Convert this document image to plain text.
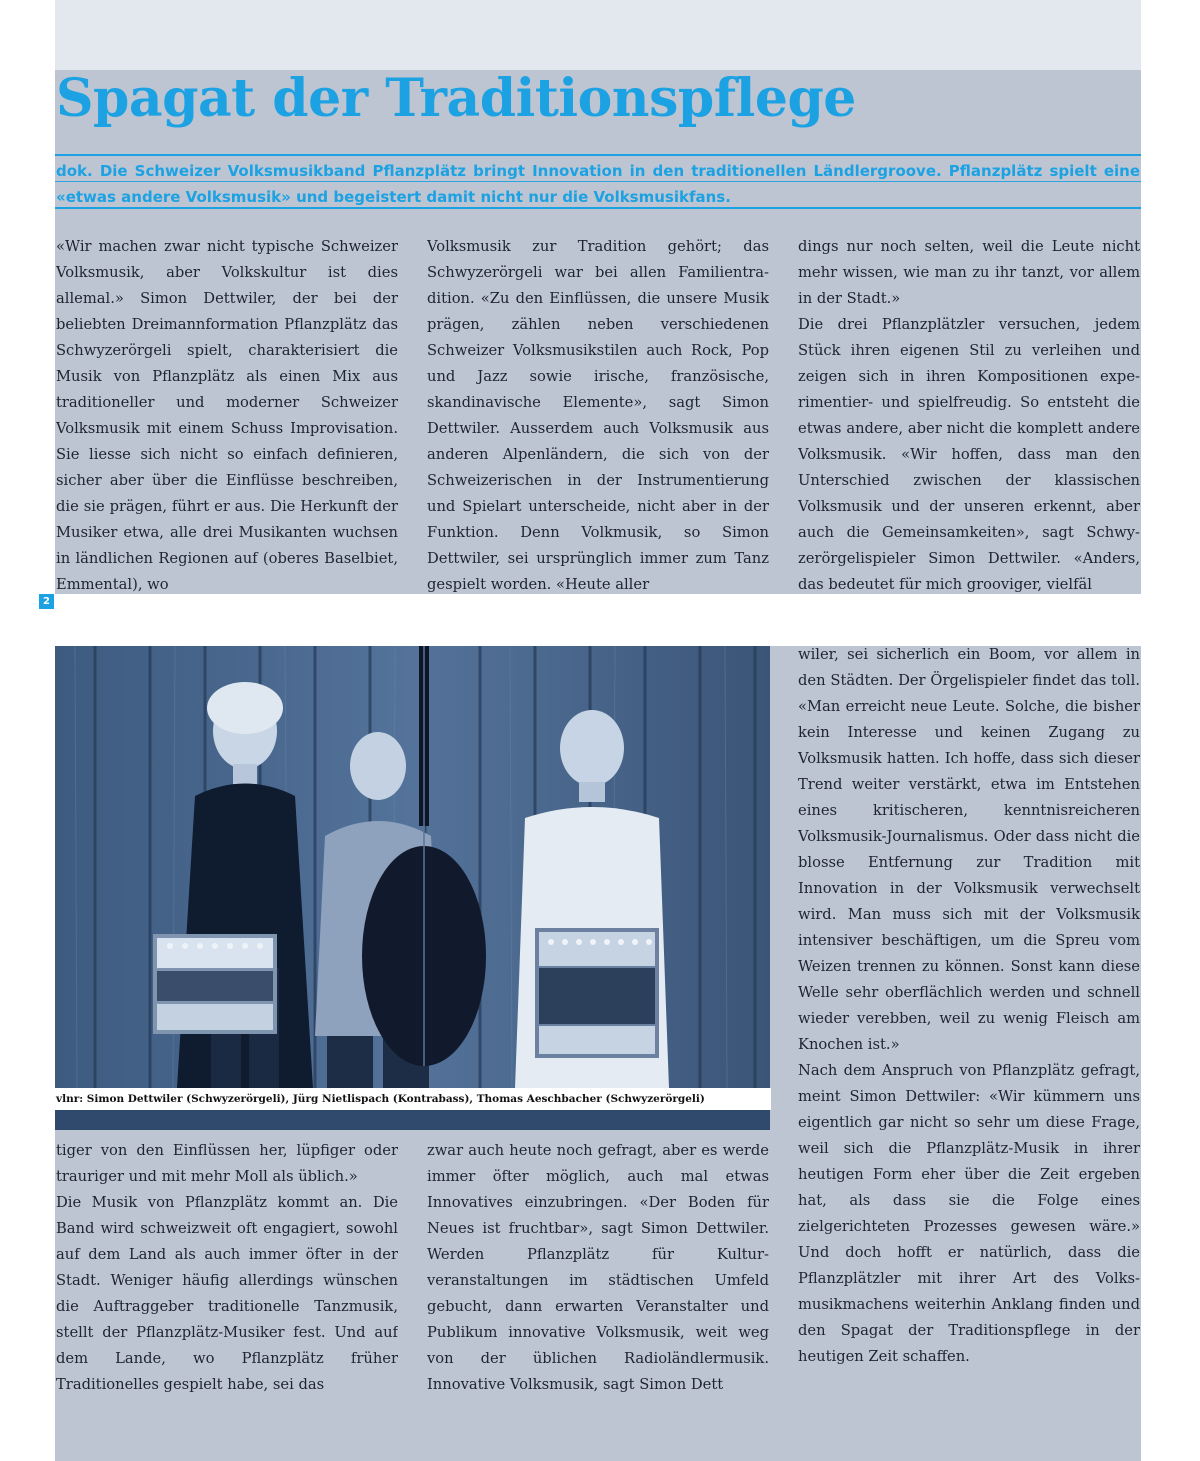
Spagat der Traditionspflege

dok. Die Schweizer Volksmusikband Pflanzplätz bringt Innovation in den traditionellen Ländlergroove. Pflanzplätz spielt eine «etwas andere Volksmusik» und begeistert damit nicht nur die Volksmusikfans.

«Wir machen zwar nicht typische Schweizer Volksmusik, aber Volkskultur ist dies allemal.» Simon Dettwiler, der bei der beliebten Dreimannformation Pflanzplätz das Schwyzerörgeli spielt, charakterisiert die Musik von Pflanzplätz als einen Mix aus traditioneller und moderner Schweizer Volksmusik mit einem Schuss Improvisation. Sie liesse sich nicht so einfach definieren, sicher aber über die Einflüsse beschreiben, die sie prägen, führt er aus. Die Herkunft der Musiker etwa, alle drei Musikanten wuchsen in ländlichen Regionen auf (oberes Baselbiet, Emmental), wo

Volksmusik zur Tradition gehört; das Schwyzerörgeli war bei allen Familientradition. «Zu den Einflüssen, die unsere Musik prägen, zählen neben verschiedenen Schweizer Volksmusikstilen auch Rock, Pop und Jazz sowie irische, französische, skandinavische Elemente», sagt Simon Dettwiler. Ausserdem auch Volksmusik aus anderen Alpenländern, die sich von der Schweizerischen in der Instrumentierung und Spielart unterscheide, nicht aber in der Funktion. Denn Volkmusik, so Simon Dettwiler, sei ursprünglich immer zum Tanz gespielt worden. «Heute aller

dings nur noch selten, weil die Leute nicht mehr wissen, wie man zu ihr tanzt, vor allem in der Stadt.»
Die drei Pflanzplätzler versuchen, jedem Stück ihren eigenen Stil zu verleihen und zeigen sich in ihren Kompositionen experimentier- und spielfreudig. So entsteht die etwas andere, aber nicht die komplett andere Volksmusik. «Wir hoffen, dass man den Unterschied zwischen der klassischen Volksmusik und der unseren erkennt, aber auch die Gemeinsamkeiten», sagt Schwyzerörgelispieler Simon Dettwiler. «Anders, das bedeutet für mich grooviger, vielfäl

2

vlnr: Simon Dettwiler (Schwyzerörgeli), Jürg Nietlispach (Kontrabass), Thomas Aeschbacher (Schwyzerörgeli)

wiler, sei sicherlich ein Boom, vor allem in den Städten. Der Örgelispieler findet das toll. «Man erreicht neue Leute. Solche, die bisher kein Interesse und keinen Zugang zu Volksmusik hatten. Ich hoffe, dass sich dieser Trend weiter verstärkt, etwa im Entstehen eines kritischeren, kenntnisreicheren Volksmusik-Journalismus. Oder dass nicht die blosse Entfernung zur Tradition mit Innovation in der Volksmusik verwechselt wird. Man muss sich mit der Volksmusik intensiver beschäftigen, um die Spreu vom Weizen trennen zu können. Sonst kann diese Welle sehr oberflächlich werden und schnell wieder verebben, weil zu wenig Fleisch am Knochen ist.»
Nach dem Anspruch von Pflanzplätz gefragt, meint Simon Dettwiler: «Wir kümmern uns eigentlich gar nicht so sehr um diese Frage, weil sich die Pflanzplätz-Musik in ihrer heutigen Form eher über die Zeit ergeben hat, als dass sie die Folge eines zielgerichteten Prozesses gewesen wäre.» Und doch hofft er natürlich, dass die Pflanzplätzler mit ihrer Art des Volksmusikmachens weiterhin Anklang finden und den Spagat der Traditionspflege in der heutigen Zeit schaffen.

tiger von den Einflüssen her, lüpfiger oder trauriger und mit mehr Moll als üblich.»
Die Musik von Pflanzplätz kommt an. Die Band wird schweizweit oft engagiert, sowohl auf dem Land als auch immer öfter in der Stadt. Weniger häufig allerdings wünschen die Auftraggeber traditionelle Tanzmusik, stellt der Pflanzplätz-Musiker fest. Und auf dem Lande, wo Pflanzplätz früher Traditionelles gespielt habe, sei das

zwar auch heute noch gefragt, aber es werde immer öfter möglich, auch mal etwas Innovatives einzubringen. «Der Boden für Neues ist fruchtbar», sagt Simon Dettwiler. Werden Pflanzplätz für Kulturveranstaltungen im städtischen Umfeld gebucht, dann erwarten Veranstalter und Publikum innovative Volksmusik, weit weg von der üblichen Radioländlermusik. Innovative Volksmusik, sagt Simon Dett
